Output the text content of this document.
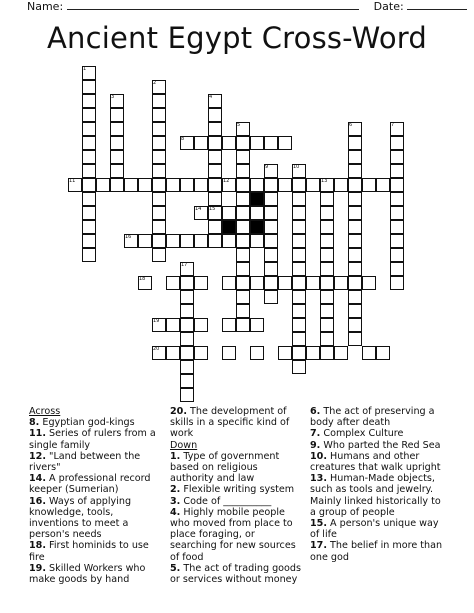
Name:	Date:
Ancient Egypt Cross-Word
1
2
3	4
5	6	7
8
9	10
11	12	13
14 15
16
17
18
19
20
Across

8. Egyptian god-kings

11. Series of rulers from a single family

12. "Land between the rivers"

14. A professional record keeper (Sumerian)

16. Ways of applying knowledge, tools, inventions to meet a person's needs

18. First hominids to use fire

19. Skilled Workers who make goods by hand

20. The development of skills in a specific kind of work

Down

1. Type of government based on religious authority and law

2. Flexible writing system

3. Code of __________

4. Highly mobile people who moved from place to place foraging, or searching for new sources of food

5. The act of trading goods or services without money

6. The act of preserving a body after death

7. Complex Culture

9. Who parted the Red Sea

10. Humans and other creatures that walk upright

13. Human-Made objects, such as tools and jewelry. Mainly linked historically to a group of people

15. A person's unique way of life

17. The belief in more than one god
